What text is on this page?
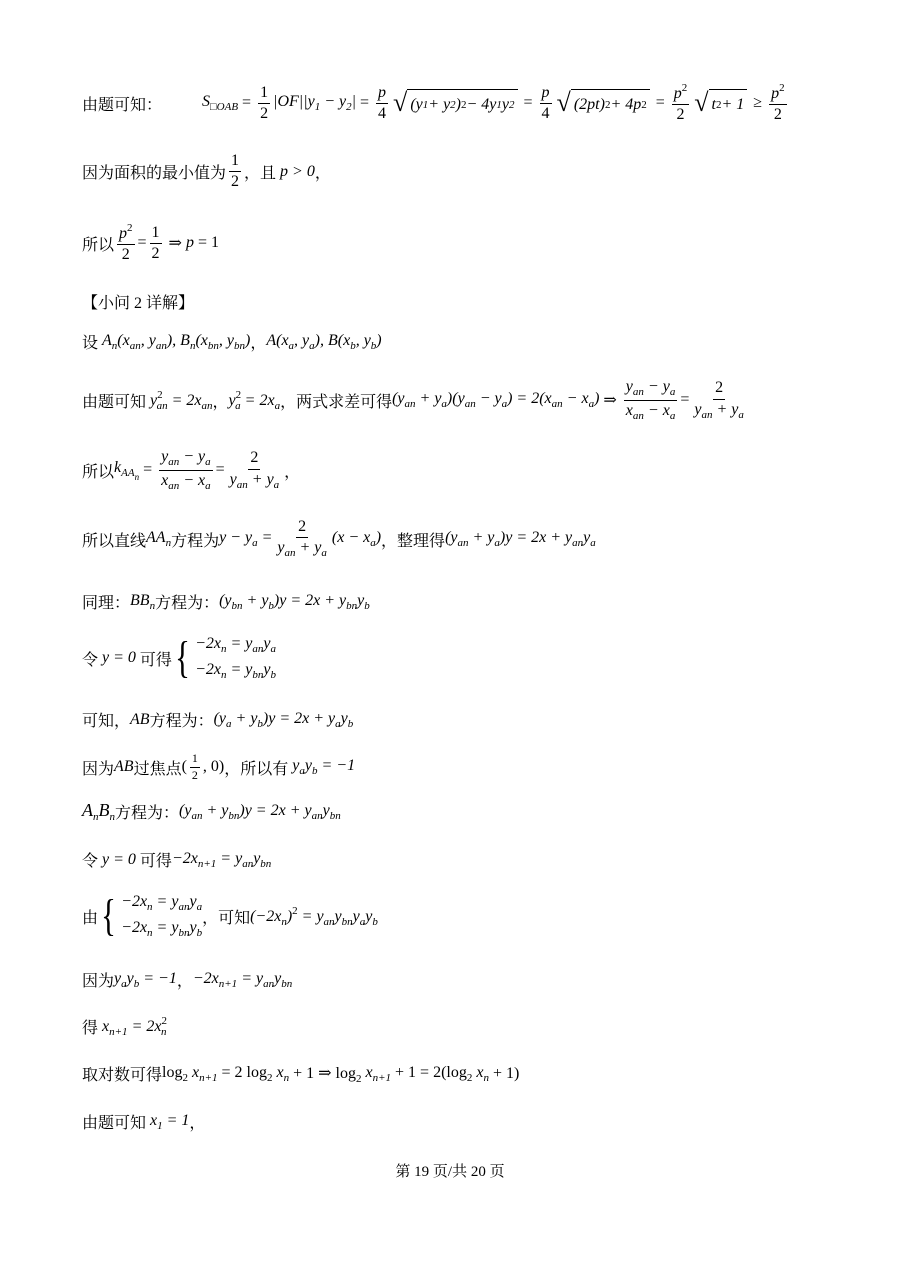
由题可知：	$S_{□OAB} = \frac{1}{2} |OF||y_1 - y_2| = \frac{p}{4}$ √ (y 1 + y 2 ) 2 − 4y 1 y $2 = \frac{p}{4}$ √ (2pt) 2 + 4p $2 = \frac{p^2}{2}$ √ t $2 + 1 \ge \frac{p^2}{2}$
因为面积的最小值为 $\frac{1}{2}$ ，且 p > 0 ，
所以 $\frac{p^2}{2} = \frac{1}{2}$ ⇒ p = 1
【小问 2 详解】
设 $A_n(x_{an}$, $y_{an}$), $B_n(x_{bn}$, $y_{bn}$) ， $A(x_a$, $y_a$), $B(x_b$, $y_b$)
由题可知 $y^2_{an} = 2x_{an}$ ， $y^2_a = 2x_a$ ，两式求差可得 $(y_{an} + y_a)(y_{an} - y_a) = 2(x_{an} - x_a)$ ⇒ $\frac{y_{an} - y_a}{x_{an} - x_a} = \frac{2}{y_{an} + y_a}$
所以 $k_{AA_n} = \frac{y_{an} - y_a}{x_{an} - x_a} = \frac{2}{y_{an} + y_a}$ ，
所以直线 $AA_n$ 方程为 $y - y_a = \frac{2}{y_{an} + y_a} (x - x_a)$ ，整理得 $(y_{an} + y_a)y = 2x + y_{an}y_a$
同理： $BB_n$ 方程为： $(y_{bn} + y_b)y = 2x + y_{bn}y_b$
令 y = 0 可得 { $-2x_n = y_{an}y_a$
$-2x_n = y_{bn}y_b$
可知， AB 方程为： $(y_a + y_b)y = 2x + y_ay_b$
因为 AB 过焦点 ( $\frac{1}{2}$ , 0) ，所以有 $y_ay_b = -1$
$A_nB_n$ 方程为： $(y_{an} + y_{bn})y = 2x + y_{an}y_{bn}$
令 y = 0 可得 $-2x_{n+1} = y_{an}y_{bn}$
由 { $-2x_n = y_{an}y_a$
$-2x_n = y_{bn}y_b$
，可知 $(-2x_n)^2 = y_{an}y_{bn}y_ay_b$
因为 $y_ay_b = -1$ ， $-2x_{n+1} = y_{an}y_{bn}$
得 $x_{n+1} = 2x^2_n$
取对数可得 $\log_2 x_{n+1} = 2$ $\log_2 x_n + 1$ ⇒ $\log_2 x_{n+1} + 1 = 2(\log_2$ $x_n + 1$)
由题可知 $x_1 = 1$ ，
第 19 页/共 20 页
